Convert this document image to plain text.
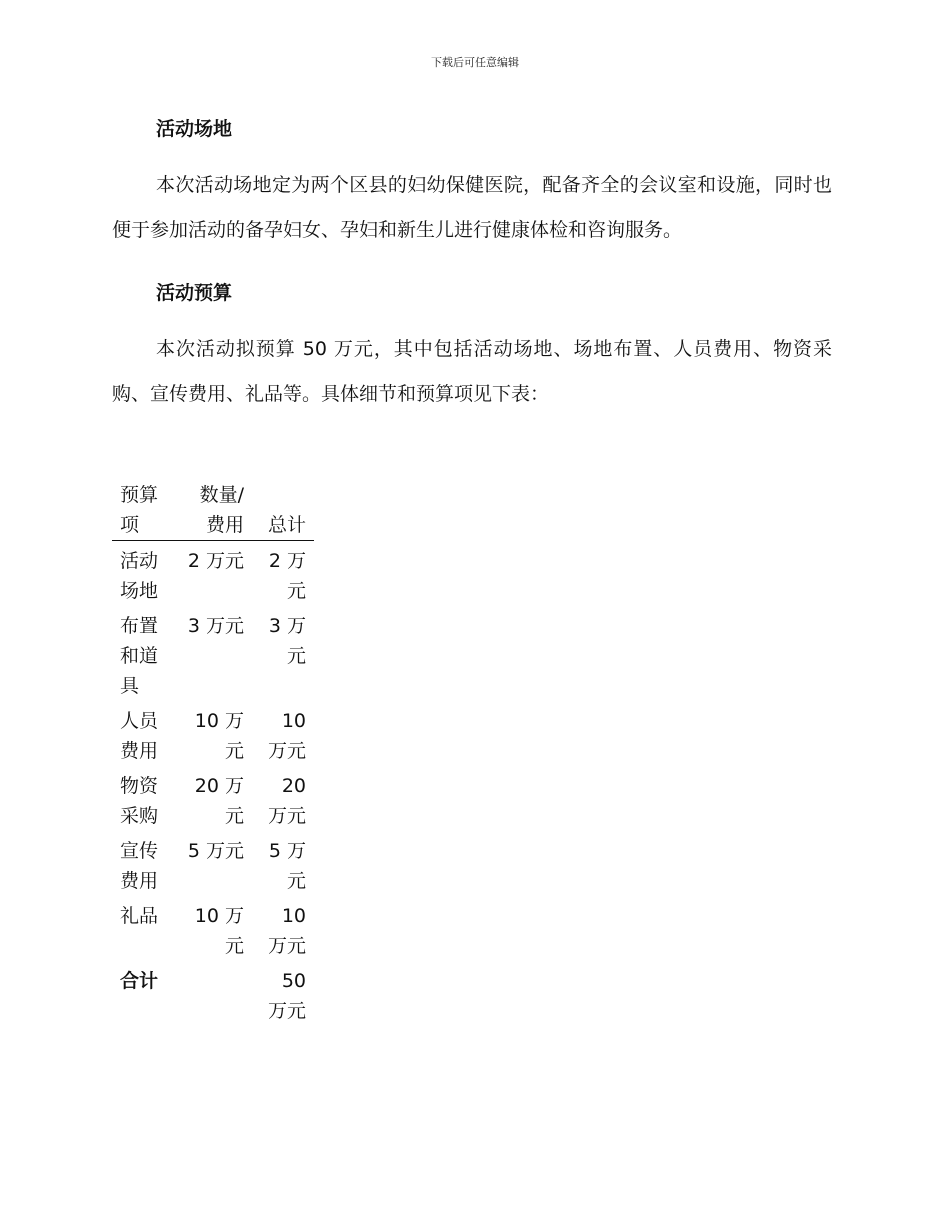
下载后可任意编辑
活动场地

本次活动场地定为两个区县的妇幼保健医院，配备齐全的会议室和设施，同时也便于参加活动的备孕妇女、孕妇和新生儿进行健康体检和咨询服务。

活动预算

本次活动拟预算 50 万元，其中包括活动场地、场地布置、人员费用、物资采购、宣传费用、礼品等。具体细节和预算项见下表：

预算项	数量/费用	总计
活动场地	2 万元	2 万元
布置和道具	3 万元	3 万元
人员费用	10 万元	10 万元
物资采购	20 万元	20 万元
宣传费用	5 万元	5 万元
礼品	10 万元	10 万元
合计		50 万元
